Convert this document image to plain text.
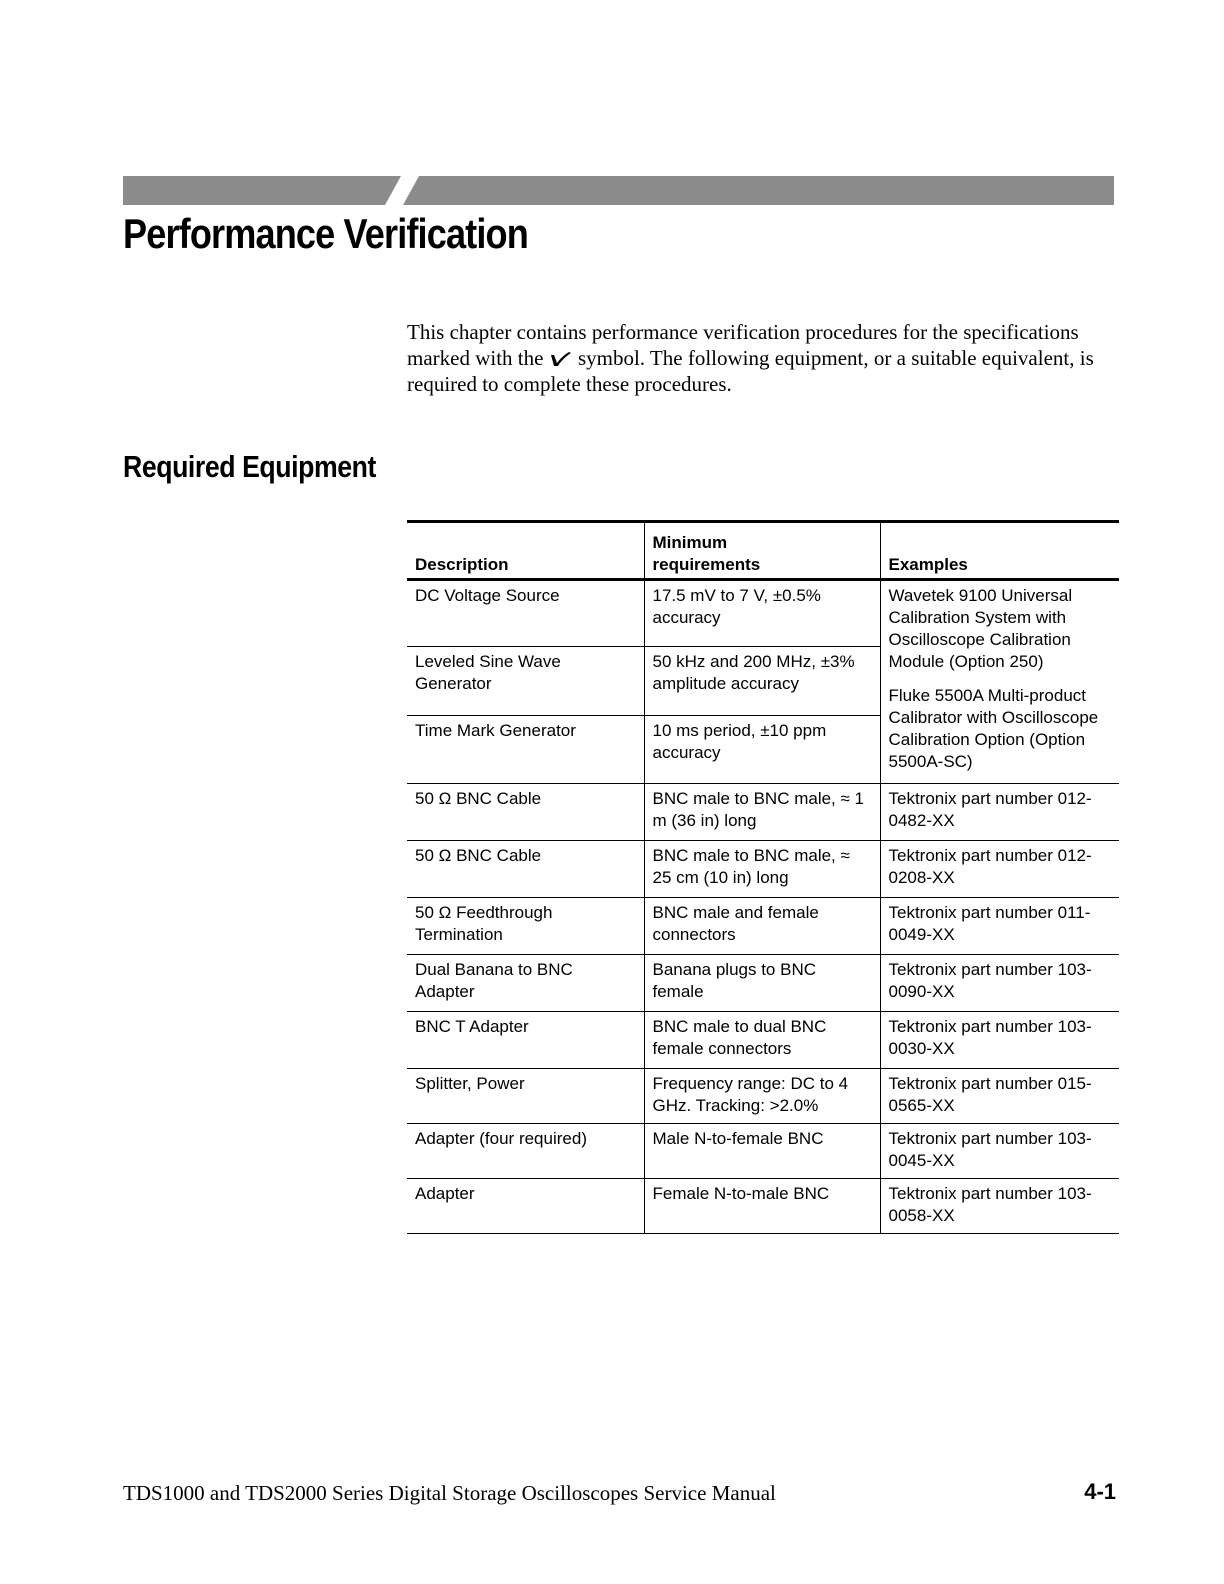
Performance Verification

This chapter contains performance verification procedures for the specifications marked with the  symbol. The following equipment, or a suitable equivalent, is required to complete these procedures.

Required Equipment
Description	Minimum requirements	Examples

DC Voltage Source	17.5 mV to 7 V, ±0.5% accuracy	Wavetek 9100 Universal Calibration System with Oscilloscope Calibration Module (Option 250)
Fluke 5500A Multi-product Calibrator with Oscilloscope Calibration Option (Option 5500A-SC)

Leveled Sine Wave Generator	50 kHz and 200 MHz, ±3% amplitude accuracy	

Time Mark Generator	10 ms period, ±10 ppm accuracy	

50 Ω BNC Cable	BNC male to BNC male, ≈ 1 m (36 in) long	Tektronix part number 012-0482-XX

50 Ω BNC Cable	BNC male to BNC male, ≈ 25 cm (10 in) long	Tektronix part number 012-0208-XX

50 Ω Feedthrough Termination	BNC male and female connectors	Tektronix part number 011-0049-XX

Dual Banana to BNC Adapter	Banana plugs to BNC female	Tektronix part number 103-0090-XX

BNC T Adapter	BNC male to dual BNC female connectors	Tektronix part number 103-0030-XX

Splitter, Power	Frequency range: DC to 4 GHz. Tracking: >2.0%	Tektronix part number 015-0565-XX

Adapter (four required)	Male N-to-female BNC	Tektronix part number 103-0045-XX

Adapter	Female N-to-male BNC	Tektronix part number 103-0058-XX

TDS1000 and TDS2000 Series Digital Storage Oscilloscopes Service Manual	4-1
